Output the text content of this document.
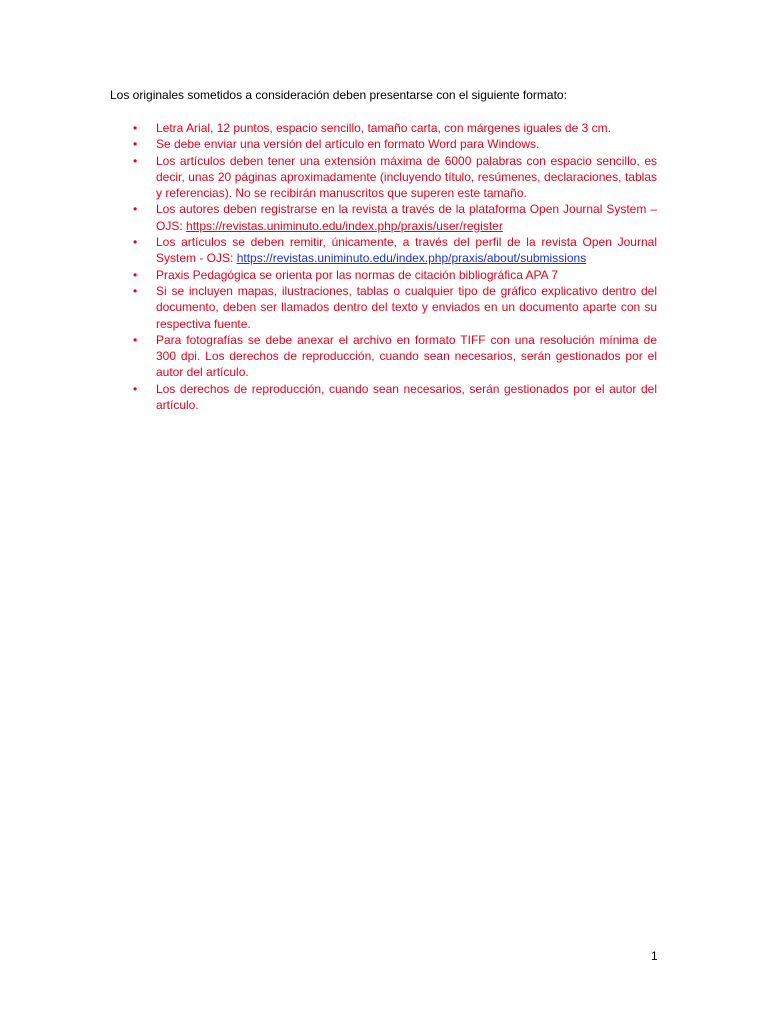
Los originales sometidos a consideración deben presentarse con el siguiente formato:

• Letra Arial, 12 puntos, espacio sencillo, tamaño carta, con márgenes iguales de 3 cm.
• Se debe enviar una versión del artículo en formato Word para Windows.
• Los artículos deben tener una extensión máxima de 6000 palabras con espacio sencillo, es decir, unas 20 páginas aproximadamente (incluyendo título, resúmenes, declaraciones, tablas y referencias). No se recibirán manuscritos que superen este tamaño.
• Los autores deben registrarse en la revista a través de la plataforma Open Journal System – OJS: https://revistas.uniminuto.edu/index.php/praxis/user/register
• Los artículos se deben remitir, únicamente, a través del perfil de la revista Open Journal System - OJS: https://revistas.uniminuto.edu/index.php/praxis/about/submissions
• Praxis Pedagógica se orienta por las normas de citación bibliográfica APA 7
• Si se incluyen mapas, ilustraciones, tablas o cualquier tipo de gráfico explicativo dentro del documento, deben ser llamados dentro del texto y enviados en un documento aparte con su respectiva fuente.
• Para fotografías se debe anexar el archivo en formato TIFF con una resolución mínima de 300 dpi. Los derechos de reproducción, cuando sean necesarios, serán gestionados por el autor del artículo.
• Los derechos de reproducción, cuando sean necesarios, serán gestionados por el autor del artículo.
1
